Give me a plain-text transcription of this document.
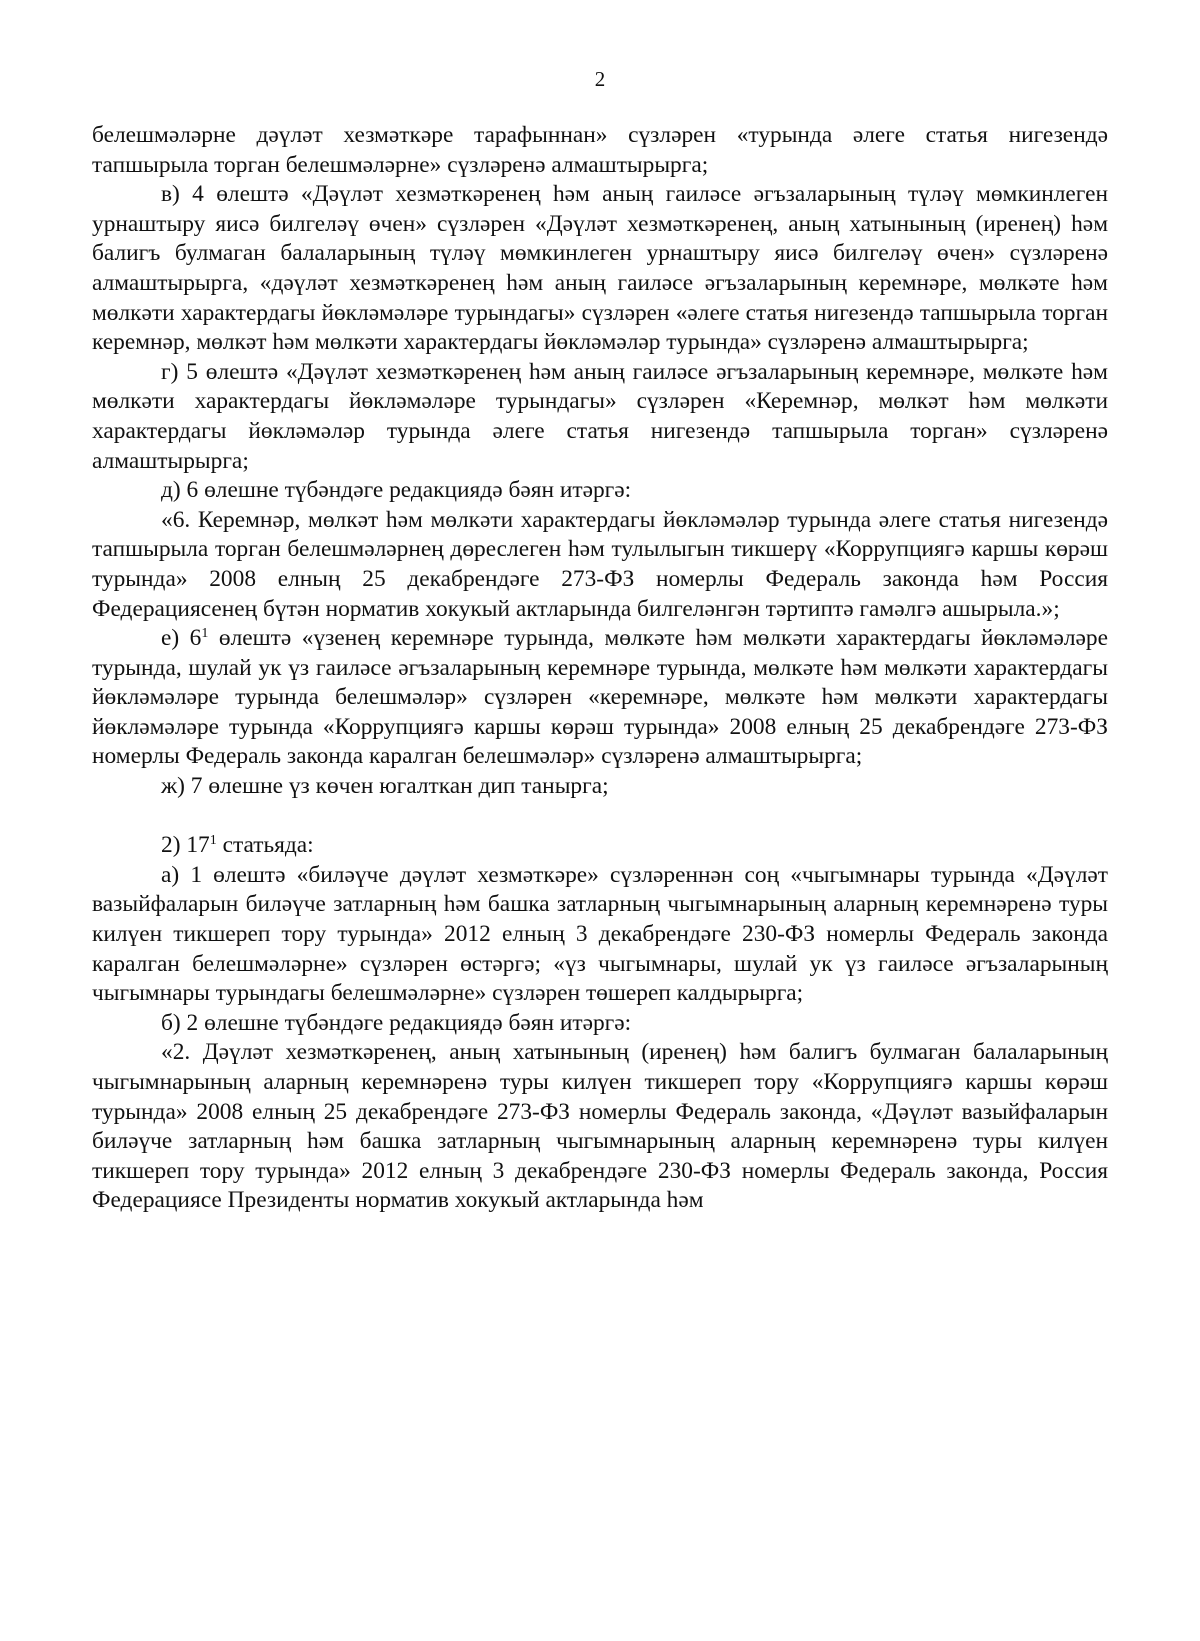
2

белешмәләрне дәүләт хезмәткәре тарафыннан» сүзләрен «турында әлеге статья нигезендә тапшырыла торган белешмәләрне» сүзләренә алмаштырырга;

в) 4 өлештә «Дәүләт хезмәткәренең һәм аның гаиләсе әгъзаларының түләү мөмкинлеген урнаштыру яисә билгеләү өчен» сүзләрен «Дәүләт хезмәткәренең, аның хатынының (иренең) һәм балигъ булмаган балаларының түләү мөмкинлеген урнаштыру яисә билгеләү өчен» сүзләренә алмаштырырга, «дәүләт хезмәткәренең һәм аның гаиләсе әгъзаларының керемнәре, мөлкәте һәм мөлкәти характердагы йөкләмәләре турындагы» сүзләрен «әлеге статья нигезендә тапшырыла торган керемнәр, мөлкәт һәм мөлкәти характердагы йөкләмәләр турында» сүзләренә алмаштырырга;

г) 5 өлештә «Дәүләт хезмәткәренең һәм аның гаиләсе әгъзаларының керемнәре, мөлкәте һәм мөлкәти характердагы йөкләмәләре турындагы» сүзләрен «Керемнәр, мөлкәт һәм мөлкәти характердагы йөкләмәләр турында әлеге статья нигезендә тапшырыла торган» сүзләренә алмаштырырга;

д) 6 өлешне түбәндәге редакциядә бәян итәргә:

«6. Керемнәр, мөлкәт һәм мөлкәти характердагы йөкләмәләр турында әлеге статья нигезендә тапшырыла торган белешмәләрнең дөреслеген һәм тулылыгын тикшерү «Коррупциягә каршы көрәш турында» 2008 елның 25 декабрендәге 273-ФЗ номерлы Федераль законда һәм Россия Федерациясенең бүтән норматив хокукый актларында билгеләнгән тәртиптә гамәлгә ашырыла.»;

е) $6^1$ өлештә «үзенең керемнәре турында, мөлкәте һәм мөлкәти характердагы йөкләмәләре турында, шулай ук үз гаиләсе әгъзаларының керемнәре турында, мөлкәте һәм мөлкәти характердагы йөкләмәләре турында белешмәләр» сүзләрен «керемнәре, мөлкәте һәм мөлкәти характердагы йөкләмәләре турында «Коррупциягә каршы көрәш турында» 2008 елның 25 декабрендәге 273-ФЗ номерлы Федераль законда каралган белешмәләр» сүзләренә алмаштырырга;

ж) 7 өлешне үз көчен югалткан дип танырга;

2) $17^1$ статьяда:

а) 1 өлештә «биләүче дәүләт хезмәткәре» сүзләреннән соң «чыгымнары турында «Дәүләт вазыйфаларын биләүче затларның һәм башка затларның чыгымнарының аларның керемнәренә туры килүен тикшереп тору турында» 2012 елның 3 декабрендәге 230-ФЗ номерлы Федераль законда каралган белешмәләрне» сүзләрен өстәргә; «үз чыгымнары, шулай ук үз гаиләсе әгъзаларының чыгымнары турындагы белешмәләрне» сүзләрен төшереп калдырырга;

б) 2 өлешне түбәндәге редакциядә бәян итәргә:

«2. Дәүләт хезмәткәренең, аның хатынының (иренең) һәм балигъ булмаган балаларының чыгымнарының аларның керемнәренә туры килүен тикшереп тору «Коррупциягә каршы көрәш турында» 2008 елның 25 декабрендәге 273-ФЗ номерлы Федераль законда, «Дәүләт вазыйфаларын биләүче затларның һәм башка затларның чыгымнарының аларның керемнәренә туры килүен тикшереп тору турында» 2012 елның 3 декабрендәге 230-ФЗ номерлы Федераль законда, Россия Федерациясе Президенты норматив хокукый актларында һәм
